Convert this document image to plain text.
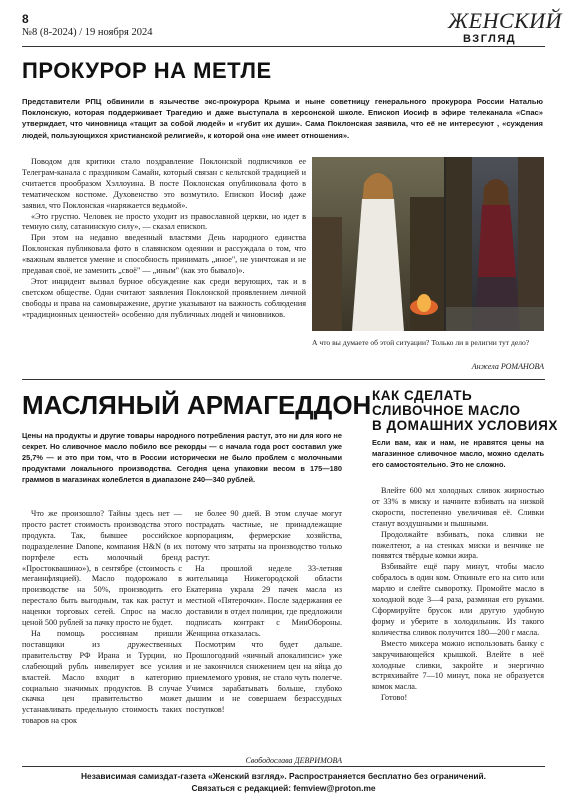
8
№8 (8-2024) / 19 ноября 2024	ЖЕНСКИЙ
ВЗГЛЯД
ПРОКУРОР НА МЕТЛЕ
Представители РПЦ обвинили в язычестве экс-прокурора Крыма и ныне советницу генерального прокурора России Наталью Поклонскую, которая поддерживает Трагедию и даже выступала в херсонской школе. Епископ Иосиф в эфире телеканала «Спас» утверждает, что чиновница «тащит за собой людей» и «губит их души». Сама Поклонская заявила, что её не интересуют , «суждения людей, пользующихся христианской религией», к которой она «не имеет отношения».

Поводом для критики стало поздравление Поклонской подписчиков ее Телеграм-канала с праздником Самайн, который связан с кельтской традицией и считается прообразом Хэллоуина. В посте Поклонская опубликовала фото в тематическом костюме. Духовенство это возмутило. Епископ Иосиф даже заявил, что Поклонская «наряжается ведьмой».

«Это грустно. Человек не просто уходит из православной церкви, но идет в темную силу, сатанинскую силу», — сказал епископ.

При этом на недавно введенный властями День народного единства Поклонская публиковала фото в славянском одеянии и рассуждала о том, что «важным является умение и способность принимать „иное", не уничтожая и не предавая своё, не заменить „своё" — „иным" (как это бывало)».

Этот инцидент вызвал бурное обсуждение как среди верующих, так и в светском обществе. Одни считают заявления Поклонской проявлением личной свободы и права на самовыражение, другие указывают на важность соблюдения «традиционных ценностей» особенно для публичных людей и чиновников.

А что вы думаете об этой ситуации? Только ли в религии тут дело?
Анжела РОМАНОВА
МАСЛЯНЫЙ АРМАГЕДДОН
Цены на продукты и другие товары народного потребления растут, это ни для кого не секрет. Но сливочное масло побило все рекорды — с начала года рост составил уже 25,7% — и это при том, что в России исторически не было проблем с молочными продуктами локального производства. Сегодня цена упаковки весом в 175—180 граммов в магазинах колеблется в диапазоне 240—340 рублей.

Что же произошло? Тайны здесь нет — просто растет стоимость производства этого продукта. Так, бывшее российское подразделение Danone, компания H&N (в их портфеле есть молочный бренд «Простоквашино»), в сентябре (стоимость с мегаинфляцией). Масло подорожало в производстве на 50%, производить его перестало быть выгодным, так как растут и наценки торговых сетей. Спрос на масло ценой 500 рублей за пачку просто не будет.

На помощь россиянам пришли поставщики из дружественных правительству РФ Ирана и Турции, но слабеющий рубль нивелирует все усилия властей. Масло входит в категорию социально значимых продуктов. В случае скачка цен правительство может устанавливать предельную стоимость таких товаров на срок

не более 90 дней. В этом случае могут пострадать частные, не принадлежащие корпорациям, фермерские хозяйства, потому что затраты на производство только растут.

На прошлой неделе 33-летняя жительница Нижегородской области Екатерина украла 29 пачек масла из местной «Пятерочки». После задержания ее доставили в отдел полиции, где предложили подписать контракт с МинОбороны. Женщина отказалась.

Посмотрим что будет дальше. Прошлогодний «яичный апокалипсис» уже и не закончился снижением цен на яйца до приемлемого уровня, не стало чуть полегче. Учимся зарабатывать больше, глубоко дышим и не совершаем безрассудных поступков!

Свободослава ДЕВРИМОВА
КАК СДЕЛАТЬ
СЛИВОЧНОЕ МАСЛО
В ДОМАШНИХ УСЛОВИЯХ
Если вам, как и нам, не нравятся цены на магазинное сливочное масло, можно сделать его самостоятельно. Это не сложно.

Влейте 600 мл холодных сливок жирностью от 33% в миску и начните взбивать на низкой скорости, постепенно увеличивая её. Сливки станут воздушными и пышными.

Продолжайте взбивать, пока сливки не пожелтеют, а на стенках миски и венчике не появятся твёрдые комки жира.

Взбивайте ещё пару минут, чтобы масло собралось в один ком. Откиньте его на сито или марлю и слейте сыворотку. Промойте масло в холодной воде 3—4 раза, разминая его руками. Сформируйте брусок или другую удобную форму и уберите в холодильник. Из такого количества сливок получится 180—200 г масла.

Вместо миксера можно использовать банку с закручивающейся крышкой. Влейте в неё холодные сливки, закройте и энергично встряхивайте 7—10 минут, пока не образуется комок масла.

Готово!

Независимая самиздат-газета «Женский взгляд». Распространяется бесплатно без ограничений.
Связаться с редакцией: femview@proton.me
